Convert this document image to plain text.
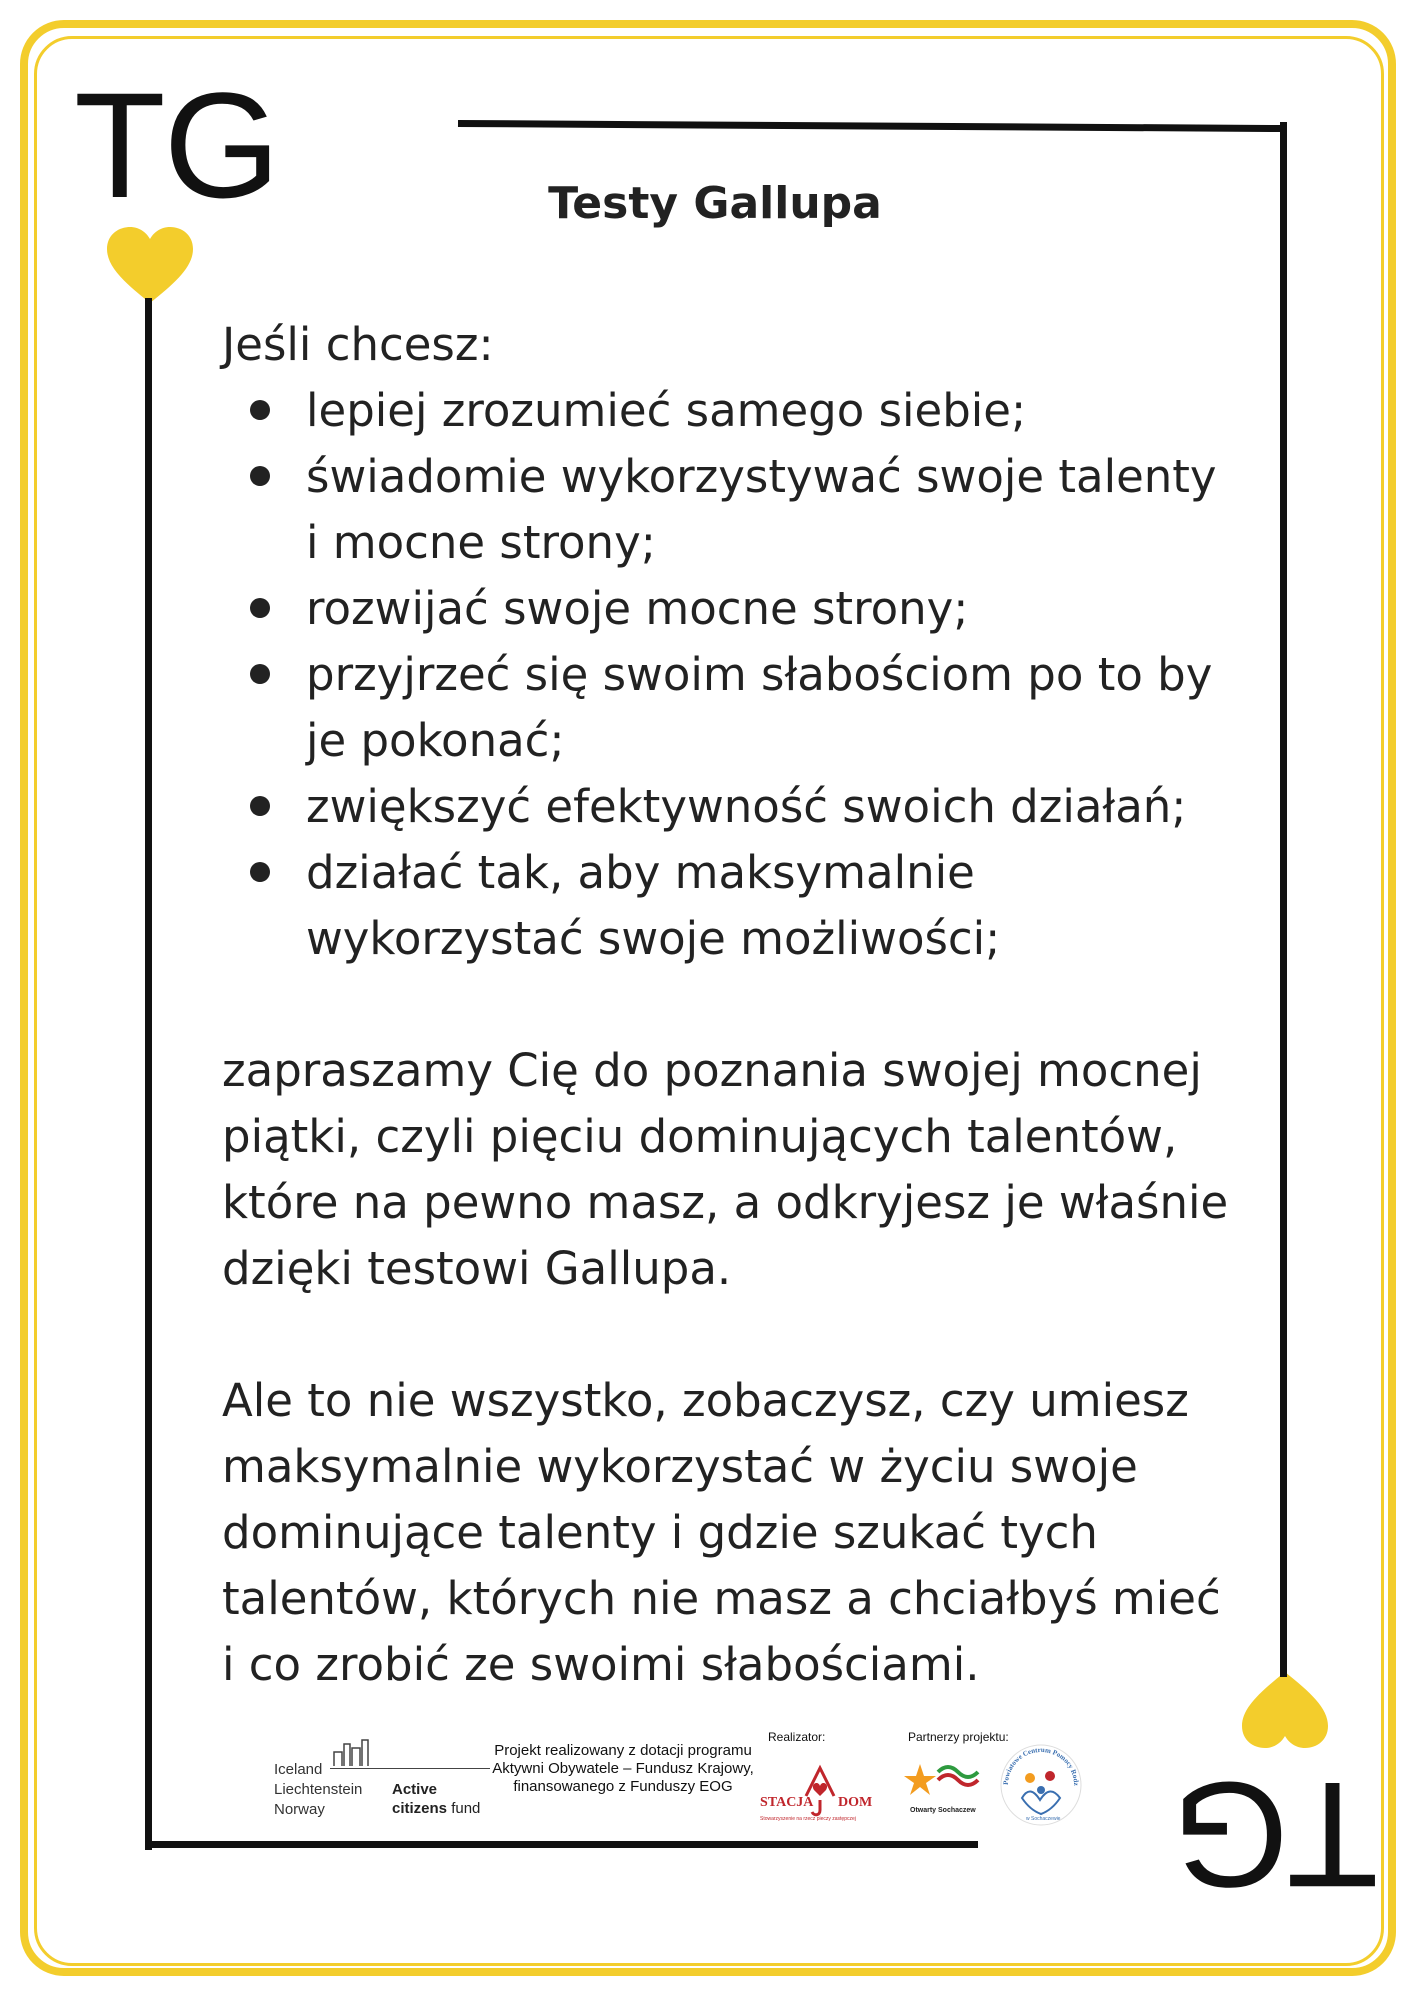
TG
TG
Testy Gallupa

Jeśli chcesz:

lepiej zrozumieć samego siebie;
świadomie wykorzystywać swoje talenty i mocne strony;
rozwijać swoje mocne strony;
przyjrzeć się swoim słabościom po to by je pokonać;
zwiększyć efektywność swoich działań;
działać tak, aby maksymalnie wykorzystać swoje możliwości;

zapraszamy Cię do poznania swojej mocnej piątki, czyli pięciu dominujących talentów, które na pewno masz, a odkryjesz je właśnie dzięki testowi Gallupa.

Ale to nie wszystko, zobaczysz, czy umiesz maksymalnie wykorzystać w życiu swoje dominujące talenty i gdzie szukać tych talentów, których nie masz a chciałbyś mieć i co zrobić ze swoimi słabościami.

Iceland
Liechtenstein
Norway
Active
citizens fund
Projekt realizowany z dotacji programu Aktywni Obywatele – Fundusz Krajowy, finansowanego z Funduszy EOG
Realizator:
STACJA DOM
Stowarzyszenie na rzecz pieczy zastępczej
Partnerzy projektu:
Otwarty Sochaczew
Powiatowe Centrum Pomocy Rodz
w Sochaczewie
